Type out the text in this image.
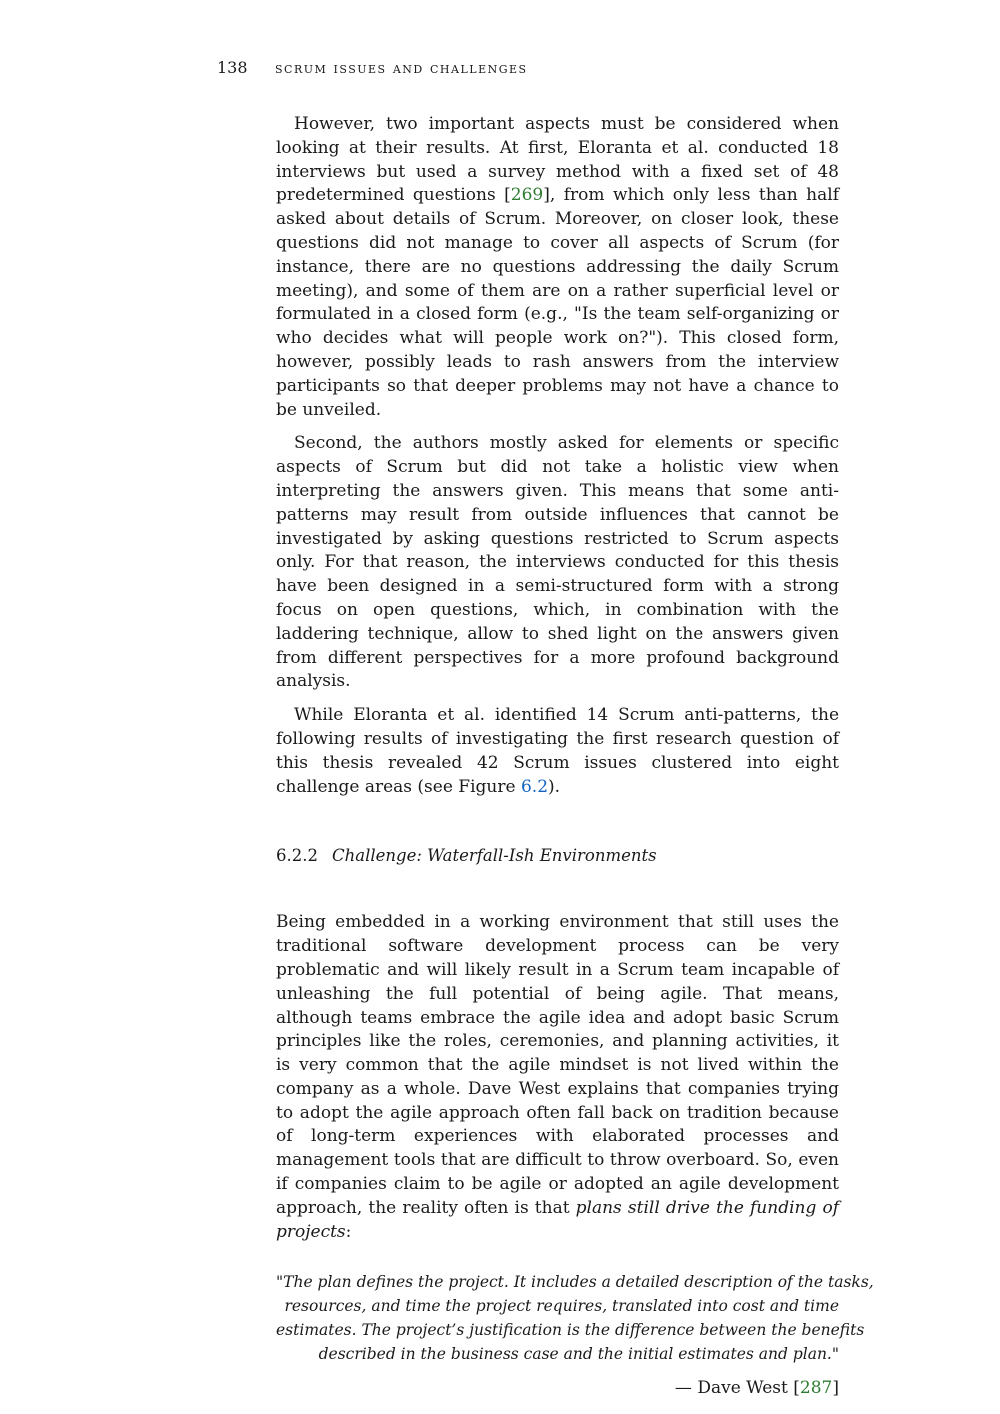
138 scrum issues and challenges

However, two important aspects must be considered when looking at their results. At first, Eloranta et al. conducted 18 interviews but used a survey method with a fixed set of 48 predetermined questions [269], from which only less than half asked about details of Scrum. Moreover, on closer look, these questions did not manage to cover all aspects of Scrum (for instance, there are no questions addressing the daily Scrum meeting), and some of them are on a rather superficial level or formulated in a closed form (e.g., "Is the team self-organizing or who decides what will people work on?"). This closed form, however, possibly leads to rash answers from the interview participants so that deeper problems may not have a chance to be unveiled.

Second, the authors mostly asked for elements or specific aspects of Scrum but did not take a holistic view when interpreting the answers given. This means that some anti-patterns may result from outside influences that cannot be investigated by asking questions restricted to Scrum aspects only. For that reason, the interviews conducted for this thesis have been designed in a semi-structured form with a strong focus on open questions, which, in combination with the laddering technique, allow to shed light on the answers given from different perspectives for a more profound background analysis.

While Eloranta et al. identified 14 Scrum anti-patterns, the following results of investigating the first research question of this thesis revealed 42 Scrum issues clustered into eight challenge areas (see Figure 6.2).

6.2.2 Challenge: Waterfall-Ish Environments

Being embedded in a working environment that still uses the traditional software development process can be very problematic and will likely result in a Scrum team incapable of unleashing the full potential of being agile. That means, although teams embrace the agile idea and adopt basic Scrum principles like the roles, ceremonies, and planning activities, it is very common that the agile mindset is not lived within the company as a whole. Dave West explains that companies trying to adopt the agile approach often fall back on tradition because of long-term experiences with elaborated processes and management tools that are difficult to throw overboard. So, even if companies claim to be agile or adopted an agile development approach, the reality often is that plans still drive the funding of projects:

"The plan defines the project. It includes a detailed description of the tasks,
resources, and time the project requires, translated into cost and time
estimates. The project’s justification is the difference between the benefits
described in the business case and the initial estimates and plan."
— Dave West [287]
